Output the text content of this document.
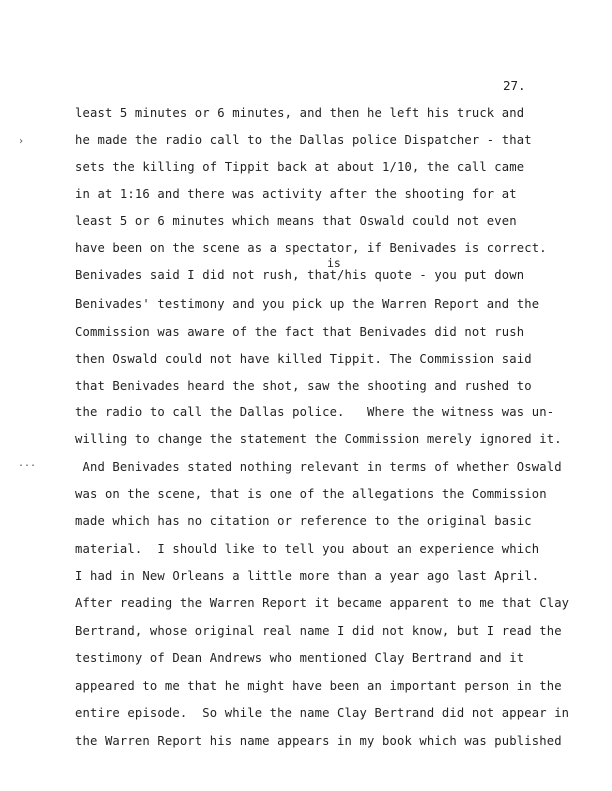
27.
›
...
is
least 5 minutes or 6 minutes, and then he left his truck and
he made the radio call to the Dallas police Dispatcher - that
sets the killing of Tippit back at about 1/10, the call came
in at 1:16 and there was activity after the shooting for at
least 5 or 6 minutes which means that Oswald could not even
have been on the scene as a spectator, if Benivades is correct.
Benivades said I did not rush, that/his quote - you put down
Benivades' testimony and you pick up the Warren Report and the
Commission was aware of the fact that Benivades did not rush
then Oswald could not have killed Tippit. The Commission said
that Benivades heard the shot, saw the shooting and rushed to
the radio to call the Dallas police.   Where the witness was un-
willing to change the statement the Commission merely ignored it.
And Benivades stated nothing relevant in terms of whether Oswald
was on the scene, that is one of the allegations the Commission
made which has no citation or reference to the original basic
material.  I should like to tell you about an experience which
I had in New Orleans a little more than a year ago last April.
After reading the Warren Report it became apparent to me that Clay
Bertrand, whose original real name I did not know, but I read the
testimony of Dean Andrews who mentioned Clay Bertrand and it
appeared to me that he might have been an important person in the
entire episode.  So while the name Clay Bertrand did not appear in
the Warren Report his name appears in my book which was published
